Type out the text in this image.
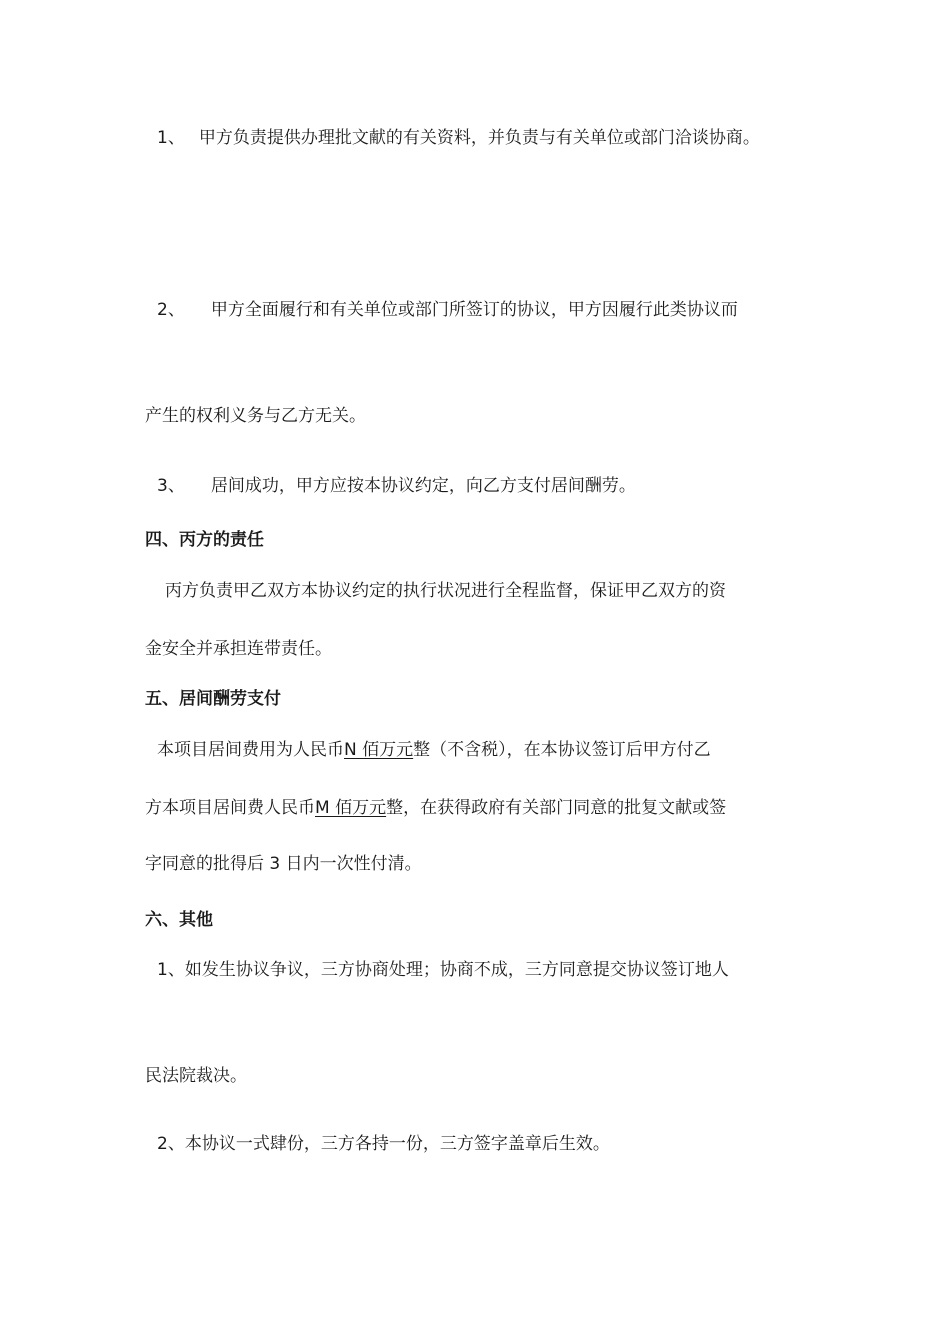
1、 甲方负责提供办理批文献的有关资料，并负责与有关单位或部门洽谈协商。
2、 甲方全面履行和有关单位或部门所签订的协议，甲方因履行此类协议而
产生的权利义务与乙方无关。
3、 居间成功，甲方应按本协议约定，向乙方支付居间酬劳。
四、丙方的责任
丙方负责甲乙双方本协议约定的执行状况进行全程监督，保证甲乙双方的资
金安全并承担连带责任。
五、居间酬劳支付
本项目居间费用为人民币N 佰万元整（不含税），在本协议签订后甲方付乙
方本项目居间费人民币M 佰万元整，在获得政府有关部门同意的批复文献或签
字同意的批得后 3 日内一次性付清。
六、其他
1、如发生协议争议，三方协商处理；协商不成，三方同意提交协议签订地人
民法院裁决。
2、本协议一式肆份，三方各持一份，三方签字盖章后生效。
